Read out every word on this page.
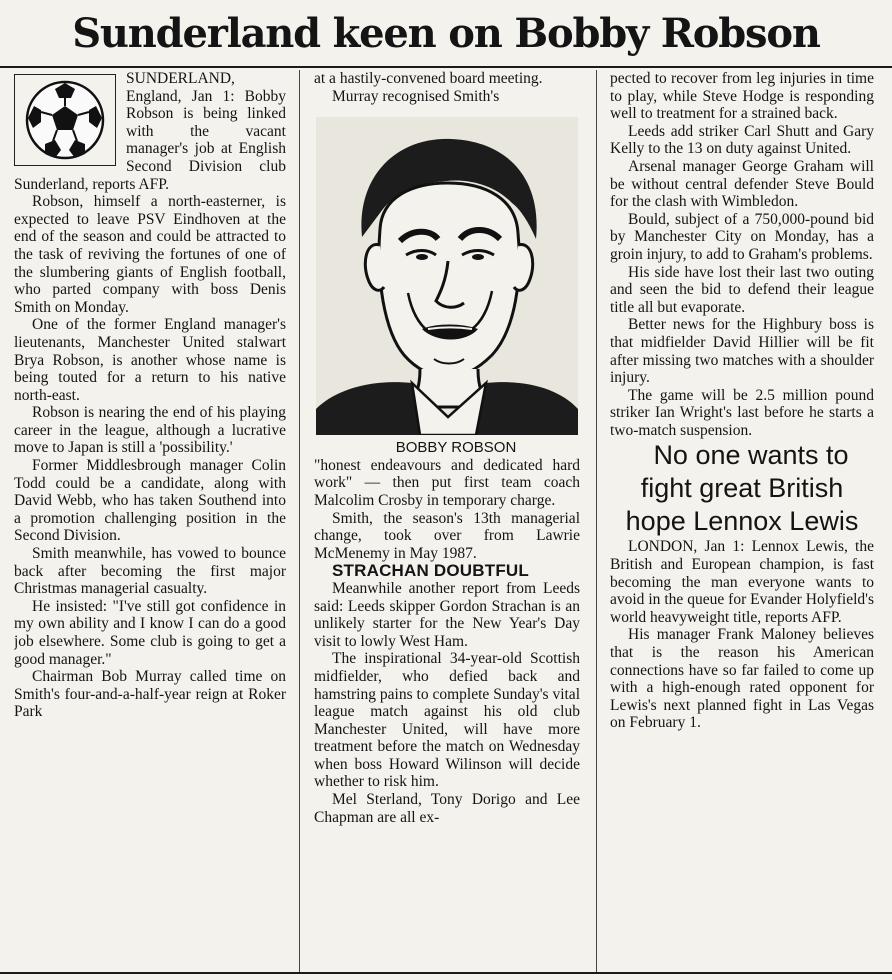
Sunderland keen on Bobby Robson

SUNDERLAND, England, Jan 1: Bobby Robson is being linked with the vacant manager's job at English Second Division club Sunderland, reports AFP.

Robson, himself a north-easterner, is expected to leave PSV Eindhoven at the end of the season and could be attracted to the task of reviving the fortunes of one of the slumbering giants of English football, who parted company with boss Denis Smith on Monday.

One of the former England manager's lieutenants, Manchester United stalwart Brya Robson, is another whose name is being touted for a return to his native north-east.

Robson is nearing the end of his playing career in the league, although a lucrative move to Japan is still a 'possibility.'

Former Middlesbrough manager Colin Todd could be a candidate, along with David Webb, who has taken Southend into a promotion challenging position in the Second Division.

Smith meanwhile, has vowed to bounce back after becoming the first major Christmas managerial casualty.

He insisted: "I've still got confidence in my own ability and I know I can do a good job elsewhere. Some club is going to get a good manager."

Chairman Bob Murray called time on Smith's four-and-a-half-year reign at Roker Park

at a hastily-convened board meeting.

Murray recognised Smith's

BOBBY ROBSON

"honest endeavours and dedicated hard work" — then put first team coach Malcolim Crosby in temporary charge.

Smith, the season's 13th managerial change, took over from Lawrie McMenemy in May 1987.

STRACHAN DOUBTFUL

Meanwhile another report from Leeds said: Leeds skipper Gordon Strachan is an unlikely starter for the New Year's Day visit to lowly West Ham.

The inspirational 34-year-old Scottish midfielder, who defied back and hamstring pains to complete Sunday's vital league match against his old club Manchester United, will have more treatment before the match on Wednesday when boss Howard Wilinson will decide whether to risk him.

Mel Sterland, Tony Dorigo and Lee Chapman are all ex-

pected to recover from leg injuries in time to play, while Steve Hodge is responding well to treatment for a strained back.

Leeds add striker Carl Shutt and Gary Kelly to the 13 on duty against United.

Arsenal manager George Graham will be without central defender Steve Bould for the clash with Wimbledon.

Bould, subject of a 750,000-pound bid by Manchester City on Monday, has a groin injury, to add to Graham's problems.

His side have lost their last two outing and seen the bid to defend their league title all but evaporate.

Better news for the Highbury boss is that midfielder David Hillier will be fit after missing two matches with a shoulder injury.

The game will be 2.5 million pound striker Ian Wright's last before he starts a two-match suspension.

No one wants to fight great British hope Lennox Lewis

LONDON, Jan 1: Lennox Lewis, the British and European champion, is fast becoming the man everyone wants to avoid in the queue for Evander Holyfield's world heavyweight title, reports AFP.

His manager Frank Maloney believes that is the reason his American connections have so far failed to come up with a high-enough rated opponent for Lewis's next planned fight in Las Vegas on February 1.
